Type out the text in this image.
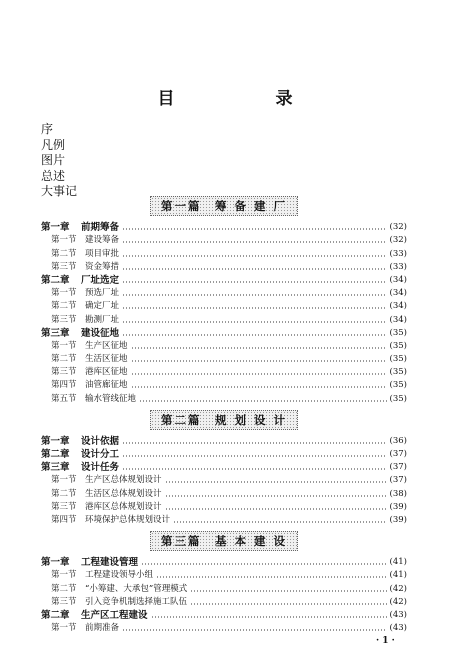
目　录
序
凡例
图片
总述
大事记
第一篇　筹 备 建 厂
第一章	前期筹备	(32)
第一节 建设筹备	(32)
第二节 项目审批	(33)
第三节 资金筹措	(33)
第二章	厂址选定	(34)
第一节 预选厂址	(34)
第二节 确定厂址	(34)
第三节 勘测厂址	(34)
第三章	建设征地	(35)
第一节 生产区征地	(35)
第二节 生活区征地	(35)
第三节 港库区征地	(35)
第四节 油管廊征地	(35)
第五节 输水管线征地	(35)
第二篇　规 划 设 计
第一章	设计依据	(36)
第二章	设计分工	(37)
第三章	设计任务	(37)
第一节 生产区总体规划设计	(37)
第二节 生活区总体规划设计	(38)
第三节 港库区总体规划设计	(39)
第四节 环境保护总体规划设计	(39)
第三篇　基 本 建 设
第一章	工程建设管理	(41)
第一节 工程建设领导小组	(41)
第二节 “小筹建、大承包”管理模式	(42)
第三节 引入竞争机制选择施工队伍	(42)
第二章	生产区工程建设	(43)
第一节 前期准备	(43)
· 1 ·
